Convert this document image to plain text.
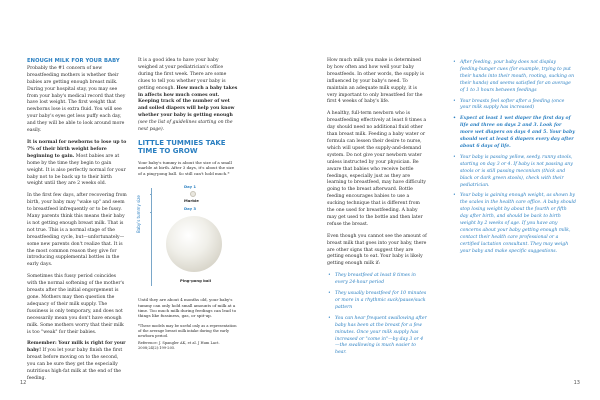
ENOUGH MILK FOR YOUR BABY

Probably the #1 concern of new breastfeeding mothers is whether their babies are getting enough breast milk. During your hospital stay, you may see from your baby's medical record that they have lost weight. The first weight that newborns lose is extra fluid. You will see your baby's eyes get less puffy each day, and they will be able to look around more easily.

It is normal for newborns to lose up to 7% of their birth weight before beginning to gain. Most babies are at home by the time they begin to gain weight. It is also perfectly normal for your baby not to be back up to their birth weight until they are 2 weeks old.

In the first few days, after recovering from birth, your baby may "wake up" and seem to breastfeed infrequently or to be fussy. Many parents think this means their baby is not getting enough breast milk. That is not true. This is a normal stage of the breastfeeding cycle, but—unfortunately—some new parents don't realize that. It is the most common reason they give for introducing supplemental bottles in the early days.

Sometimes this fussy period coincides with the normal softening of the mother's breasts after the initial engorgement is gone. Mothers may then question the adequacy of their milk supply. The fussiness is only temporary, and does not necessarily mean you don't have enough milk. Some mothers worry that their milk is too "weak" for their babies.

Remember: Your milk is right for your baby! If you let your baby finish the first breast before moving on to the second, you can be sure they get the especially nutritious high-fat milk at the end of the feeding.

It is a good idea to have your baby weighed at your pediatrician's office during the first week. There are some clues to tell you whether your baby is getting enough. How much a baby takes in affects how much comes out. Keeping track of the number of wet and soiled diapers will help you know whether your baby is getting enough (see the list of guidelines starting on the next page).

LITTLE TUMMIES TAKE TIME TO GROW
Your baby's tummy is about the size of a small marble at birth. After 3 days, it's about the size of a ping-pong ball. So still can't hold much.*
Baby's tummy size
Day 1
Marble
Day 3
Ping-pong ball

Until they are about 4 months old, your baby's tummy can only hold small amounts of milk at a time. Too much milk during feedings can lead to things like fussiness, gas, or spit-up.

*These models may be useful only as a representation of the average breast milk intake during the early newborn period.
Reference: J. Spangler AK, et al. J Hum Lact. 2008;24(2):199-205.

How much milk you make is determined by how often and how well your baby breastfeeds. In other words, the supply is influenced by your baby's need. To maintain an adequate milk supply, it is very important to only breastfeed for the first 4 weeks of baby's life.

A healthy, full-term newborn who is breastfeeding effectively at least 8 times a day should need no additional fluid other than breast milk. Feeding a baby water or formula can lessen their desire to nurse, which will upset the supply-and-demand system. Do not give your newborn water unless instructed by your physician. Be aware that babies who receive bottle feedings, especially just as they are learning to breastfeed, may have difficulty going to the breast afterward. Bottle feeding encourages babies to use a sucking technique that is different from the one used for breastfeeding. A baby may get used to the bottle and then later refuse the breast.

Even though you cannot see the amount of breast milk that goes into your baby, there are other signs that suggest they are getting enough to eat. Your baby is likely getting enough milk if:

• They breastfeed at least 8 times in every 24-hour period
• They usually breastfeed for 10 minutes or more in a rhythmic suck/pause/suck pattern
• You can hear frequent swallowing after baby has been at the breast for a few minutes. Once your milk supply has increased or "come in"—by day 3 or 4—the swallowing is much easier to hear.
• After feeding, your baby does not display feeding-hunger cues (for example, trying to put their hands into their mouth, rooting, sucking on their hands) and seems satisfied for an average of 1 to 3 hours between feedings
• Your breasts feel softer after a feeding (once your milk supply has increased)
• Expect at least 1 wet diaper the first day of life and three on days 2 and 3. Look for more wet diapers on days 4 and 5. Your baby should wet at least 6 diapers every day after about 6 days of life.
• Your baby is passing yellow, seedy, runny stools, starting on day 3 or 4. If baby is not passing any stools or is still passing meconium (thick and black or dark green stools), check with their pediatrician.
• Your baby is gaining enough weight, as shown by the scales in the health care office. A baby should stop losing weight by about the fourth or fifth day after birth, and should be back to birth weight by 2 weeks of age. If you have any concerns about your baby getting enough milk, contact their health care professional or a certified lactation consultant. They may weigh your baby and make specific suggestions.
12	13
